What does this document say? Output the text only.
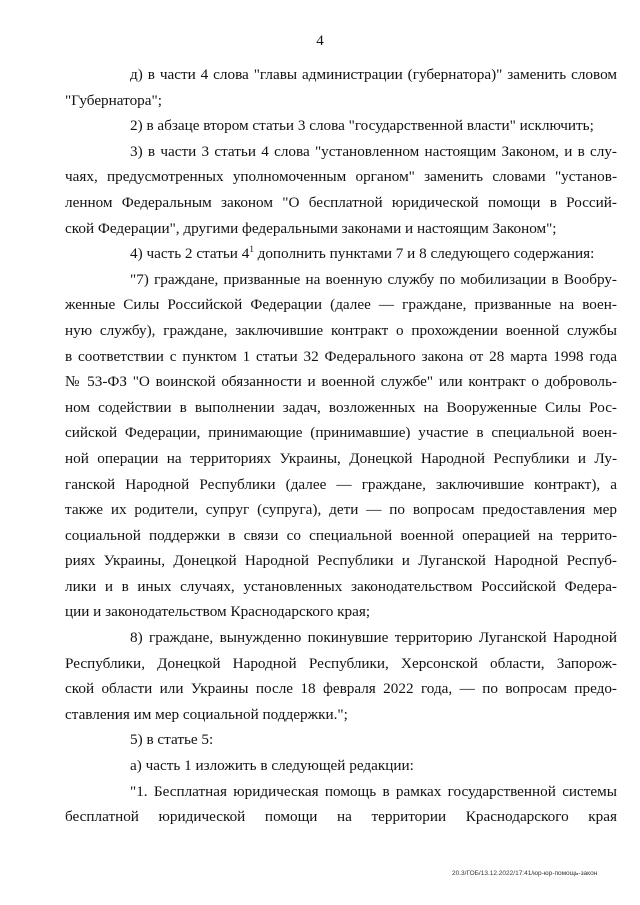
4
д) в части 4 слова "главы администрации (губернатора)" заменить словом
"Губернатора";
2) в абзаце втором статьи 3 слова "государственной власти" исключить;
3) в части 3 статьи 4 слова "установленном настоящим Законом, и в слу-
чаях, предусмотренных уполномоченным органом" заменить словами "установ-
ленном Федеральным законом "О бесплатной юридической помощи в Россий-
ской Федерации", другими федеральными законами и настоящим Законом";
4) часть 2 статьи $4^1$ дополнить пунктами 7 и 8 следующего содержания:
"7) граждане, призванные на военную службу по мобилизации в Вообру-
женные Силы Российской Федерации (далее — граждане, призванные на воен-
ную службу), граждане, заключившие контракт о прохождении военной службы
в соответствии с пунктом 1 статьи 32 Федерального закона от 28 марта 1998 года
№ 53-ФЗ "О воинской обязанности и военной службе" или контракт о доброволь-
ном содействии в выполнении задач, возложенных на Вооруженные Силы Рос-
сийской Федерации, принимающие (принимавшие) участие в специальной воен-
ной операции на территориях Украины, Донецкой Народной Республики и Лу-
ганской Народной Республики (далее — граждане, заключившие контракт), а
также их родители, супруг (супруга), дети — по вопросам предоставления мер
социальной поддержки в связи со специальной военной операцией на террито-
риях Украины, Донецкой Народной Республики и Луганской Народной Респуб-
лики и в иных случаях, установленных законодательством Российской Федера-
ции и законодательством Краснодарского края;
8) граждане, вынужденно покинувшие территорию Луганской Народной
Республики, Донецкой Народной Республики, Херсонской области, Запорож-
ской области или Украины после 18 февраля 2022 года, — по вопросам предо-
ставления им мер социальной поддержки.";
5) в статье 5:
а) часть 1 изложить в следующей редакции:
"1. Бесплатная юридическая помощь в рамках государственной системы
бесплатной юридической помощи на территории Краснодарского края
20.3/ГОБ/13.12.2022/17:41/юр-юр-помощь-закон
